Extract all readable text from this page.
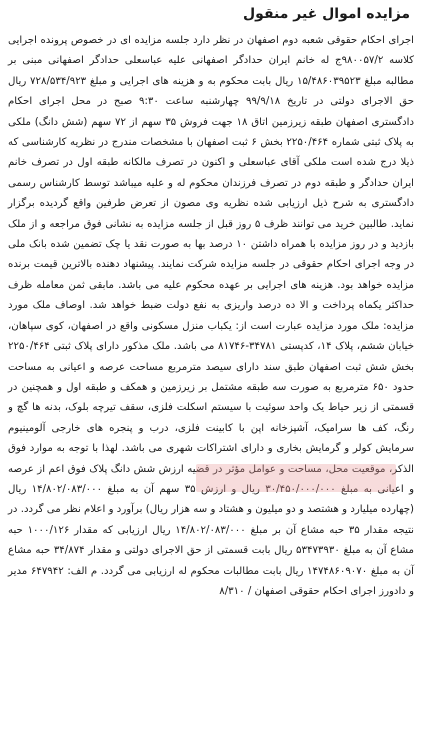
مزایده اموال غیر منقول

اجرای احکام حقوقی شعبه دوم اصفهان در نظر دارد جلسه مزایده ای در خصوص پرونده اجرایی کلاسه ۹۸۰۰۵۷/۲ج له خانم ایران حدادگر اصفهانی علیه عباسعلی حدادگر اصفهانی مبنی بر مطالبه مبلغ ۱۵/۴۸۶۰۳۹۵۲۳ ریال بابت محکوم به و هزینه های اجرایی و مبلغ ۷۲۸/۵۳۴/۹۲۳ ریال حق الاجرای دولتی در تاریخ ۹۹/۹/۱۸ چهارشنبه ساعت ۹:۳۰ صبح در محل اجرای احکام دادگستری اصفهان طبقه زیرزمین اتاق ۱۸ جهت فروش ۳۵ سهم از ۷۲ سهم (شش دانگ) ملکی به پلاک ثبتی شماره ۲۲۵۰/۴۶۴ بخش ۶ ثبت اصفهان با مشخصات مندرج در نظریه کارشناسی که ذیلا درج شده است ملکی آقای عباسعلی و اکنون در تصرف مالکانه طبقه اول در تصرف خانم ایران حدادگر و طبقه دوم در تصرف فرزندان محکوم له و علیه میباشد توسط کارشناس رسمی دادگستری به شرح ذیل ارزیابی شده نظریه وی مصون از تعرض طرفین واقع گردیده برگزار نماید. طالبین خرید می توانند ظرف ۵ روز قبل از جلسه مزایده به نشانی فوق مراجعه و از ملک بازدید و در روز مزایده با همراه داشتن ۱۰ درصد بها به صورت نقد یا چک تضمین شده بانک ملی در وجه اجرای احکام حقوقی در جلسه مزایده شرکت نمایند. پیشنهاد دهنده بالاترین قیمت برنده مزایده خواهد بود. هزینه های اجرایی بر عهده محکوم علیه می باشد. مابقی ثمن معامله ظرف حداکثر یکماه پرداخت و الا ده درصد واریزی به نفع دولت ضبط خواهد شد. اوصاف ملک مورد مزایده: ملک مورد مزایده عبارت است از: یکباب منزل مسکونی واقع در اصفهان، کوی سپاهان، خیابان ششم، پلاک ۱۴، کدپستی ۳۴۷۸۱-۸۱۷۴۶ می باشد. ملک مذکور دارای پلاک ثبتی ۲۲۵۰/۴۶۴ بخش شش ثبت اصفهان طبق سند دارای سیصد مترمربع مساحت عرصه و اعیانی به مساحت حدود ۶۵۰ مترمربع به صورت سه طبقه مشتمل بر زیرزمین و همکف و طبقه اول و همچنین در قسمتی از زیر حیاط یک واحد سوئیت با سیستم اسکلت فلزی، سقف تیرچه بلوک، بدنه ها گچ و رنگ، کف ها سرامیک، آشپزخانه اپن با کابینت فلزی، درب و پنجره های خارجی آلومینیوم سرمایش کولر و گرمایش بخاری و دارای اشتراکات شهری می باشد. لهذا با توجه به موارد فوق الذکر، موقعیت محل، مساحت و عوامل مؤثر در قضیه ارزش شش دانگ پلاک فوق اعم از عرصه و اعیانی به مبلغ ۳۰/۴۵۰/۰۰۰/۰۰۰ ریال و ارزش ۳۵ سهم آن به مبلغ ۱۴/۸۰۲/۰۸۳/۰۰۰ ریال (چهارده میلیارد و هشتصد و دو میلیون و هشتاد و سه هزار ریال) برآورد و اعلام نظر می گردد. در نتیجه مقدار ۳۵ حبه مشاع آن بر مبلغ ۱۴/۸۰۲/۰۸۳/۰۰۰ ریال ارزیابی که مقدار ۱۰۰۰/۱۲۶ حبه مشاع آن به مبلغ ۵۳۴۷۳۹۳۰ ریال بابت قسمتی از حق الاجرای دولتی و مقدار ۳۴/۸۷۴ حبه مشاع آن به مبلغ ۱۴۷۴۸۶۰۹۰۷۰ ریال بابت مطالبات محکوم له ارزیابی می گردد. م الف: ۶۴۷۹۴۲ مدیر و دادورز اجرای احکام حقوقی اصفهان / ۸/۳۱۰
